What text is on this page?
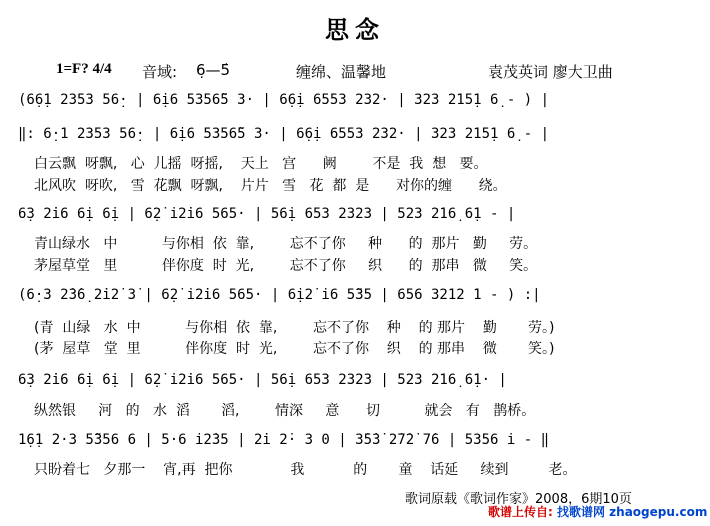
思念
1=F? 4/4 音域: 6̣—5̇	缠绵、温馨地	袁茂英词 廖大卫曲
(6̣6̣1 2353 56̣· | 6̣i6 5356̃5 3· | 6̣6̣i 6553 232· | 323 215̣1 6̣ - ) |
‖: 6̣·1 2353 56̣· | 6̣i6 5356̃5 3· | 6̣6̣i 6553 232· | 323 215̣1 6̣ - |
白云飘  呀飘,   心  儿摇  呀摇,    天上   宫      阙        不是  我  想   要。
北风吹  呀吹,   雪  花飘  呀飘,    片片   雪   花  都  是      对你的缠      绕。
6̣3 2̇i6 6̣i 6̣i | 6̣2̇ i2̇i6 565· | 56̣i 653 2323 | 523 216̣ 6̣1 - |
青山绿水   中          与你相  依  靠,        忘不了你     种      的  那片   勤     劳。
茅屋草堂   里          伴你度  时  光,        忘不了你     织      的  那串   微     笑。
(6̣·3 2̇3̇6̣ 2̇i2̇ 3̇ | 6̣2̇ i2̇i6 565· | 6̣i2̇ i6 5̃35 | 656 3212 1 - ) :|
(青  山绿   水  中          与你相  依  靠,        忘不了你    种    的 那片    勤       劳。)
(茅  屋草   堂  里          伴你度  时  光,        忘不了你    织    的 那串    微       笑。)
6̣3 2̇i6 6̣i 6̣i | 6̣2̇ i2̇i6 565· | 56̣i 653 2323 | 523 216̣ 6̣1· |
纵然银     河   的   水  滔       滔,        情深     意      切          就会   有   鹊桥。
1̣6̣1 2·3 5̃356 6 | 5·6 i2̇35 | 2̇i 2̇· 3 0 | 3̇5̇3̇ 2̇7̇2̇ 7̇6 | 5356 i̇ - ‖
只盼着七   夕那一    宵,再  把你             我           的       童    话延     续到         老。
歌词原载《歌词作家》2008，6期10页
歌谱上传自: 找歌谱网 zhaogepu.com
